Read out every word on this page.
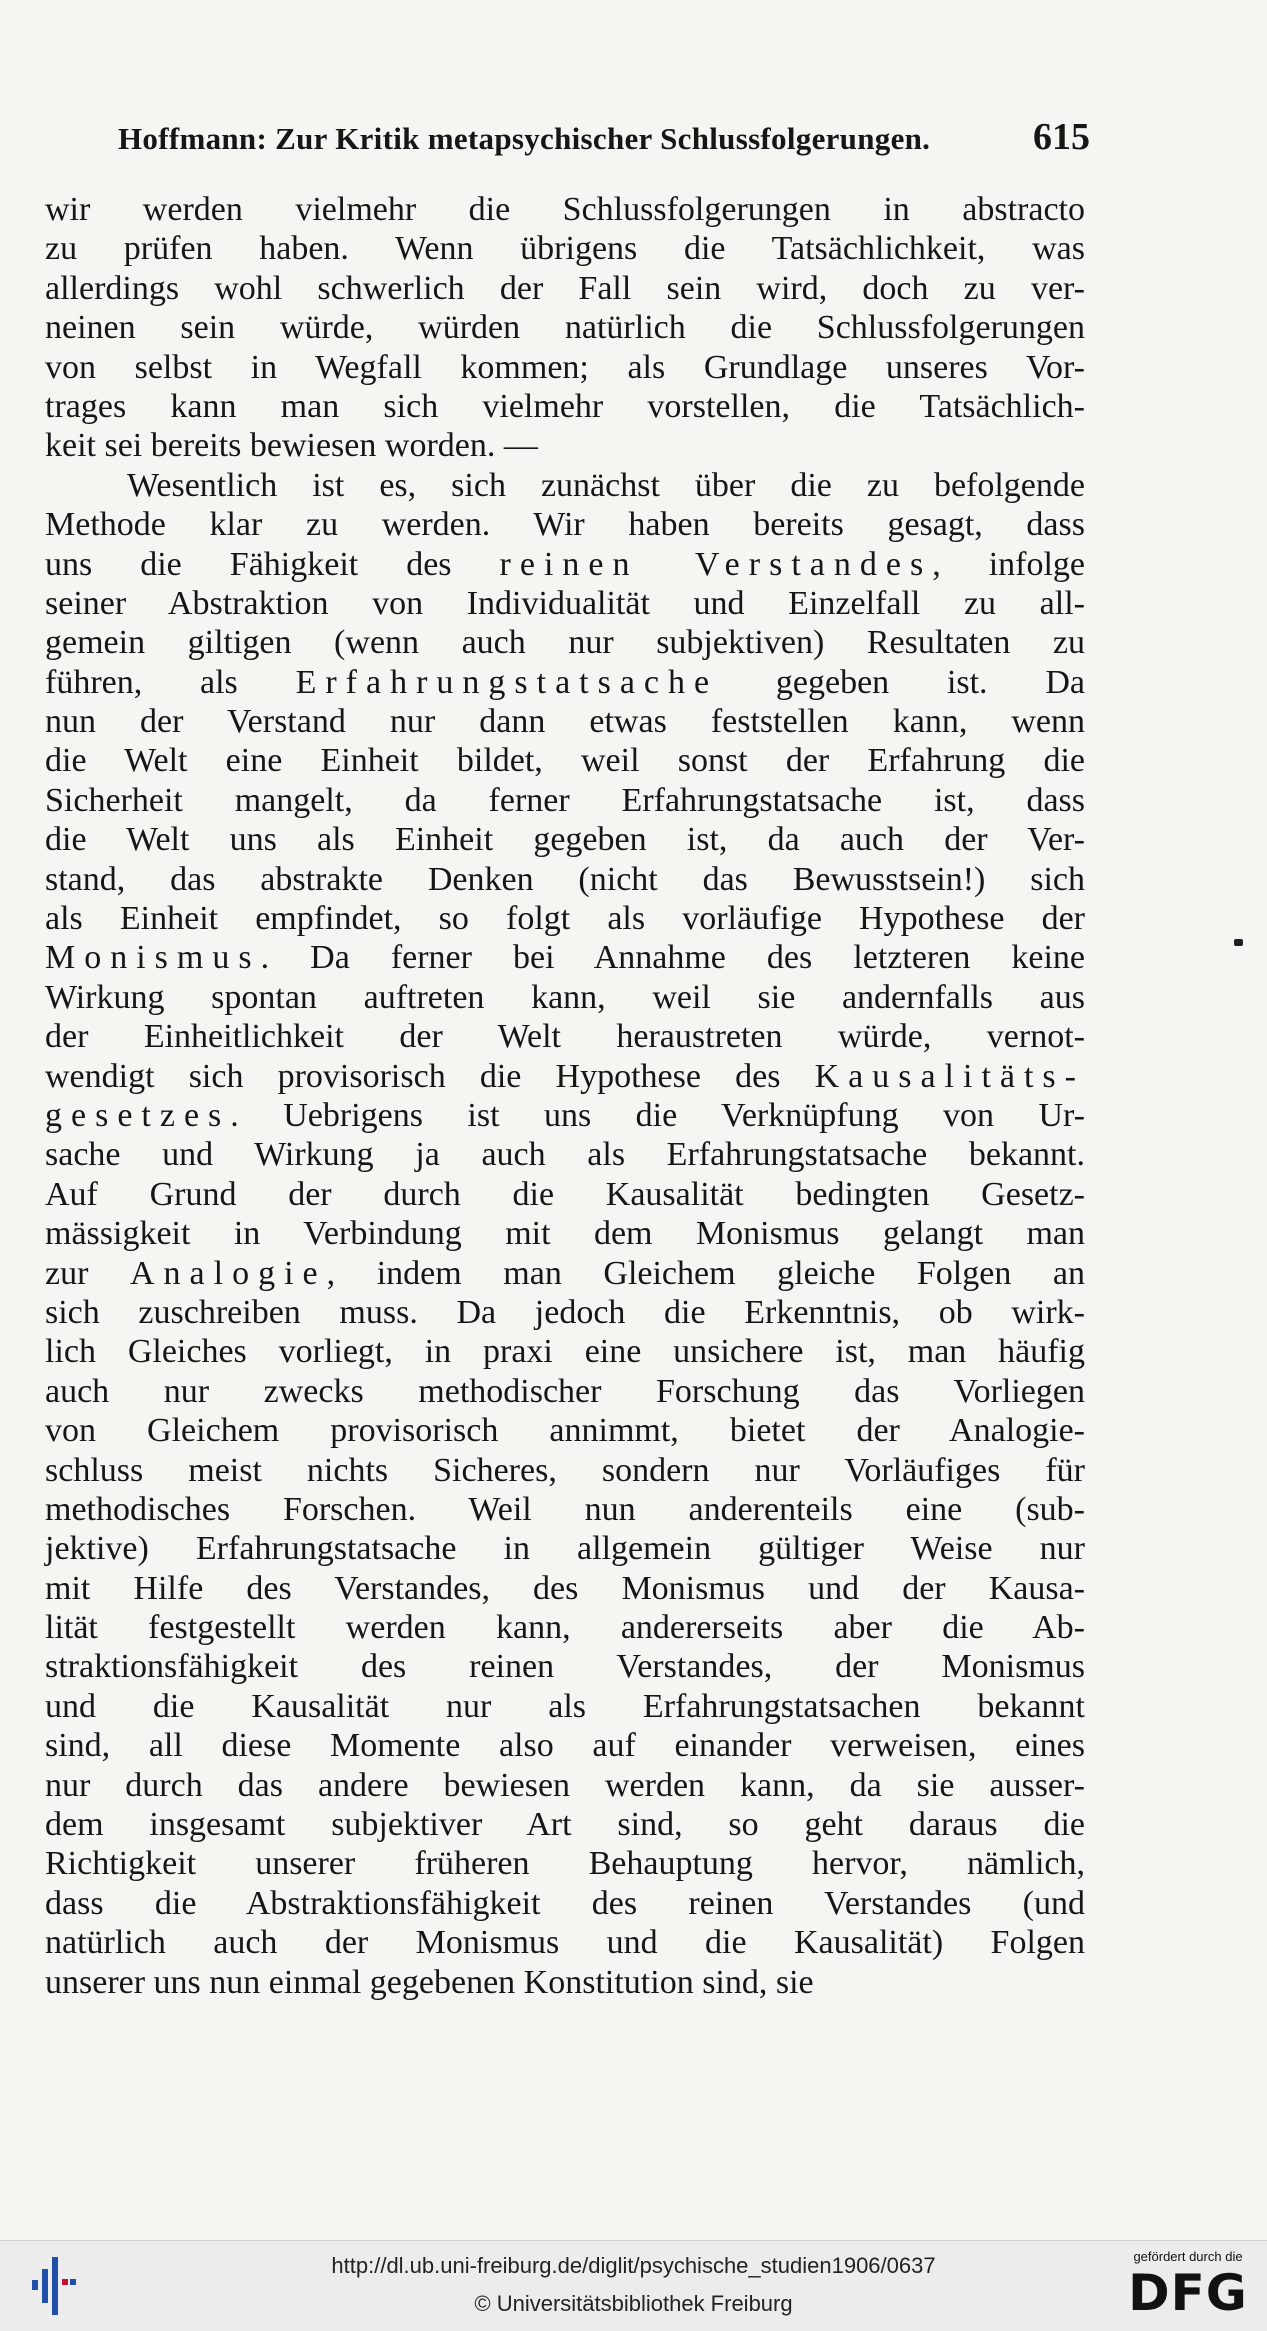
Hoffmann: Zur Kritik metapsychischer Schlussfolgerungen.	615
wir werden vielmehr die Schlussfolgerungen in abstracto
zu prüfen haben. Wenn übrigens die Tatsächlichkeit, was
allerdings wohl schwerlich der Fall sein wird, doch zu ver-
neinen sein würde, würden natürlich die Schlussfolgerungen
von selbst in Wegfall kommen; als Grundlage unseres Vor-
trages kann man sich vielmehr vorstellen, die Tatsächlich-
keit sei bereits bewiesen worden. —
Wesentlich ist es, sich zunächst über die zu befolgende
Methode klar zu werden. Wir haben bereits gesagt, dass
uns die Fähigkeit des reinen Verstandes, infolge
seiner Abstraktion von Individualität und Einzelfall zu all-
gemein giltigen (wenn auch nur subjektiven) Resultaten zu
führen, als Erfahrungstatsache gegeben ist. Da
nun der Verstand nur dann etwas feststellen kann, wenn
die Welt eine Einheit bildet, weil sonst der Erfahrung die
Sicherheit mangelt, da ferner Erfahrungstatsache ist, dass
die Welt uns als Einheit gegeben ist, da auch der Ver-
stand, das abstrakte Denken (nicht das Bewusstsein!) sich
als Einheit empfindet, so folgt als vorläufige Hypothese der
Monismus. Da ferner bei Annahme des letzteren keine
Wirkung spontan auftreten kann, weil sie andernfalls aus
der Einheitlichkeit der Welt heraustreten würde, vernot-
wendigt sich provisorisch die Hypothese des Kausalitäts-
gesetzes. Uebrigens ist uns die Verknüpfung von Ur-
sache und Wirkung ja auch als Erfahrungstatsache bekannt.
Auf Grund der durch die Kausalität bedingten Gesetz-
mässigkeit in Verbindung mit dem Monismus gelangt man
zur Analogie, indem man Gleichem gleiche Folgen an
sich zuschreiben muss. Da jedoch die Erkenntnis, ob wirk-
lich Gleiches vorliegt, in praxi eine unsichere ist, man häufig
auch nur zwecks methodischer Forschung das Vorliegen
von Gleichem provisorisch annimmt, bietet der Analogie-
schluss meist nichts Sicheres, sondern nur Vorläufiges für
methodisches Forschen. Weil nun anderenteils eine (sub-
jektive) Erfahrungstatsache in allgemein gültiger Weise nur
mit Hilfe des Verstandes, des Monismus und der Kausa-
lität festgestellt werden kann, andererseits aber die Ab-
straktionsfähigkeit des reinen Verstandes, der Monismus
und die Kausalität nur als Erfahrungstatsachen bekannt
sind, all diese Momente also auf einander verweisen, eines
nur durch das andere bewiesen werden kann, da sie ausser-
dem insgesamt subjektiver Art sind, so geht daraus die
Richtigkeit unserer früheren Behauptung hervor, nämlich,
dass die Abstraktionsfähigkeit des reinen Verstandes (und
natürlich auch der Monismus und die Kausalität) Folgen
unserer uns nun einmal gegebenen Konstitution sind, sie
http://dl.ub.uni-freiburg.de/diglit/psychische_studien1906/0637
© Universitätsbibliothek Freiburg
gefördert durch die
DFG
